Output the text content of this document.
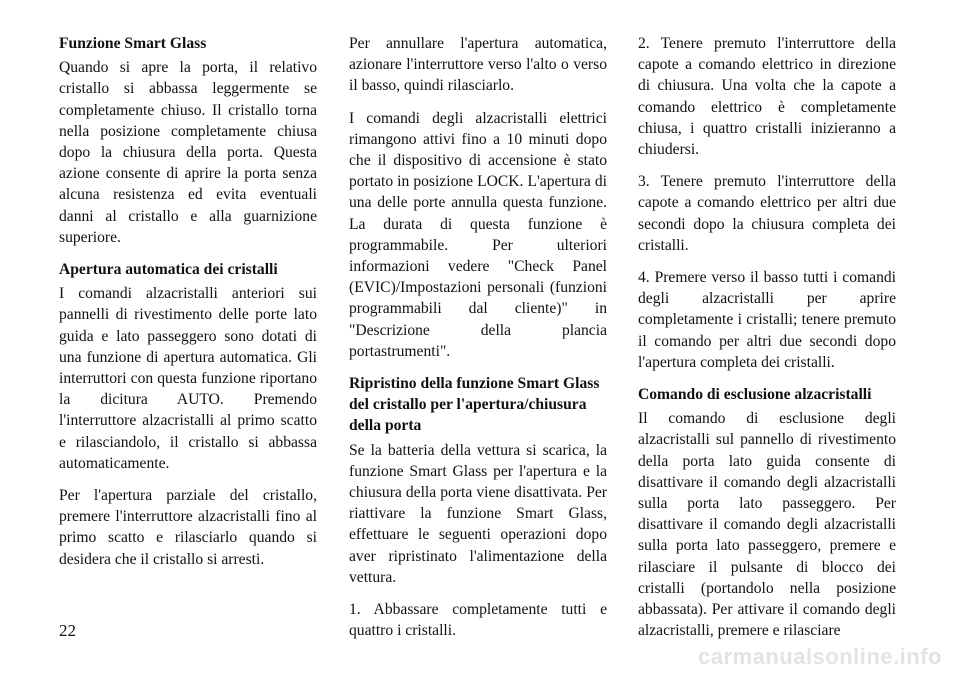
Funzione Smart Glass

Quando si apre la porta, il relativo cristallo si abbassa leggermente se completamente chiuso. Il cristallo torna nella posizione completamente chiusa dopo la chiusura della porta. Questa azione consente di aprire la porta senza alcuna resistenza ed evita eventuali danni al cristallo e alla guarnizione superiore.

Apertura automatica dei cristalli

I comandi alzacristalli anteriori sui pannelli di rivestimento delle porte lato guida e lato passeggero sono dotati di una funzione di apertura automatica. Gli interruttori con questa funzione riportano la dicitura AUTO. Premendo l'interruttore alzacristalli al primo scatto e rilasciandolo, il cristallo si abbassa automaticamente.

Per l'apertura parziale del cristallo, premere l'interruttore alzacristalli fino al primo scatto e rilasciarlo quando si desidera che il cristallo si arresti.

Per annullare l'apertura automatica, azionare l'interruttore verso l'alto o verso il basso, quindi rilasciarlo.

I comandi degli alzacristalli elettrici rimangono attivi fino a 10 minuti dopo che il dispositivo di accensione è stato portato in posizione LOCK. L'apertura di una delle porte annulla questa funzione. La durata di questa funzione è programmabile. Per ulteriori informazioni vedere "Check Panel (EVIC)/Impostazioni personali (funzioni programmabili dal cliente)" in "Descrizione della plancia portastrumenti".

Ripristino della funzione Smart Glass del cristallo per l'apertura/chiusura della porta

Se la batteria della vettura si scarica, la funzione Smart Glass per l'apertura e la chiusura della porta viene disattivata. Per riattivare la funzione Smart Glass, effettuare le seguenti operazioni dopo aver ripristinato l'alimentazione della vettura.

1. Abbassare completamente tutti e quattro i cristalli.

2. Tenere premuto l'interruttore della capote a comando elettrico in direzione di chiusura. Una volta che la capote a comando elettrico è completamente chiusa, i quattro cristalli inizieranno a chiudersi.

3. Tenere premuto l'interruttore della capote a comando elettrico per altri due secondi dopo la chiusura completa dei cristalli.

4. Premere verso il basso tutti i comandi degli alzacristalli per aprire completamente i cristalli; tenere premuto il comando per altri due secondi dopo l'apertura completa dei cristalli.

Comando di esclusione alzacristalli

Il comando di esclusione degli alzacristalli sul pannello di rivestimento della porta lato guida consente di disattivare il comando degli alzacristalli sulla porta lato passeggero. Per disattivare il comando degli alzacristalli sulla porta lato passeggero, premere e rilasciare il pulsante di blocco dei cristalli (portandolo nella posizione abbassata). Per attivare il comando degli alzacristalli, premere e rilasciare

22
carmanualsonline.info
